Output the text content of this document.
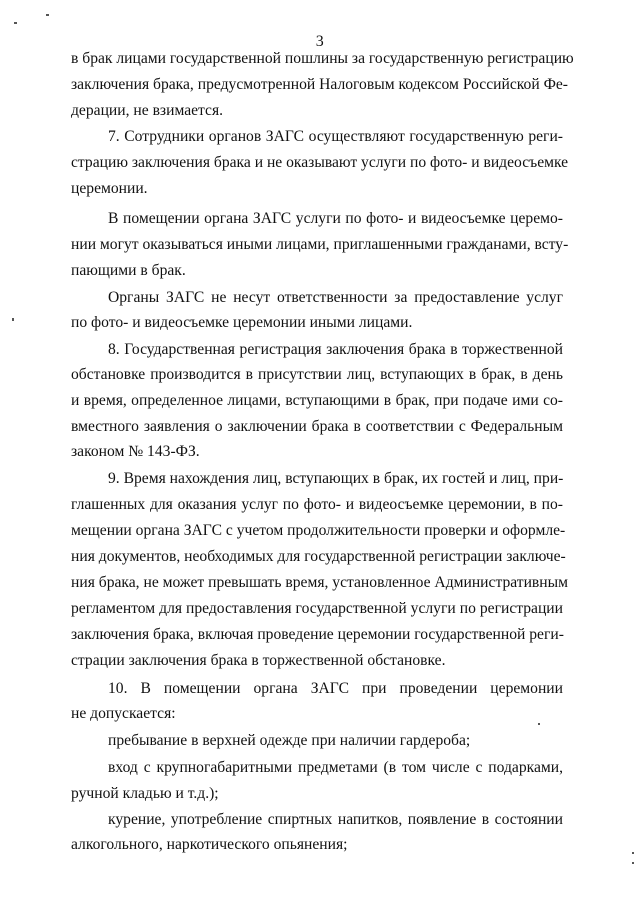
3
в брак лицами государственной пошлины за государственную регистрацию
заключения брака, предусмотренной Налоговым кодексом Российской Фе-
дерации, не взимается.
7. Сотрудники органов ЗАГС осуществляют государственную реги-
страцию заключения брака и не оказывают услуги по фото- и видеосъемке
церемонии.
В помещении органа ЗАГС услуги по фото- и видеосъемке церемо-
нии могут оказываться иными лицами, приглашенными гражданами, всту-
пающими в брак.
Органы ЗАГС не несут ответственности за предоставление услуг
по фото- и видеосъемке церемонии иными лицами.
8. Государственная регистрация заключения брака в торжественной
обстановке производится в присутствии лиц, вступающих в брак, в день
и время, определенное лицами, вступающими в брак, при подаче ими со-
вместного заявления о заключении брака в соответствии с Федеральным
законом № 143-ФЗ.
9. Время нахождения лиц, вступающих в брак, их гостей и лиц, при-
глашенных для оказания услуг по фото- и видеосъемке церемонии, в по-
мещении органа ЗАГС с учетом продолжительности проверки и оформле-
ния документов, необходимых для государственной регистрации заключе-
ния брака, не может превышать время, установленное Административным
регламентом для предоставления государственной услуги по регистрации
заключения брака, включая проведение церемонии государственной реги-
страции заключения брака в торжественной обстановке.
10. В помещении органа ЗАГС при проведении церемонии
не допускается:
пребывание в верхней одежде при наличии гардероба;
вход с крупногабаритными предметами (в том числе с подарками,
ручной кладью и т.д.);
курение, употребление спиртных напитков, появление в состоянии
алкогольного, наркотического опьянения;
